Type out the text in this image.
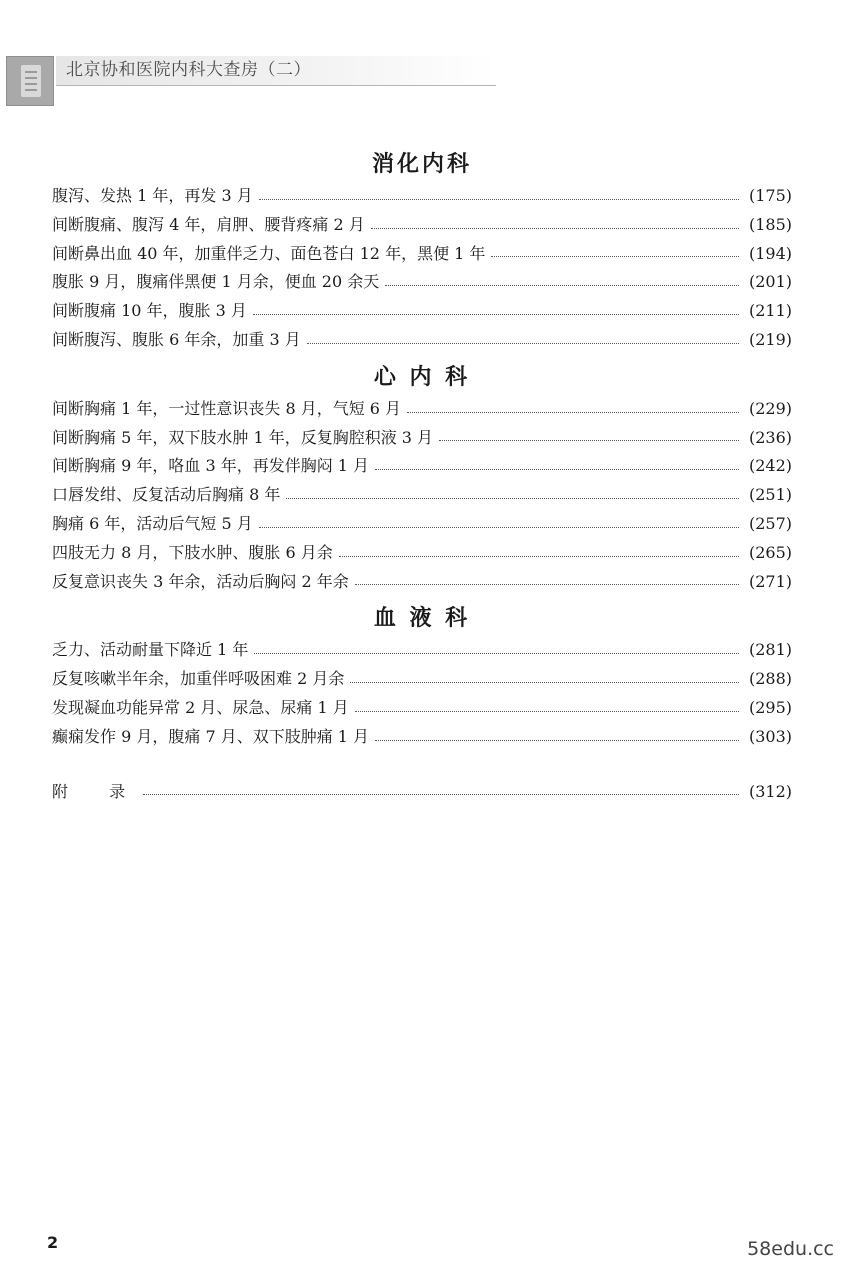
北京协和医院内科大查房（二）
消化内科
腹泻、发热 1 年，再发 3 月	(175)
间断腹痛、腹泻 4 年，肩胛、腰背疼痛 2 月	(185)
间断鼻出血 40 年，加重伴乏力、面色苍白 12 年，黑便 1 年	(194)
腹胀 9 月，腹痛伴黑便 1 月余，便血 20 余天	(201)
间断腹痛 10 年，腹胀 3 月	(211)
间断腹泻、腹胀 6 年余，加重 3 月	(219)
心 内 科
间断胸痛 1 年，一过性意识丧失 8 月，气短 6 月	(229)
间断胸痛 5 年，双下肢水肿 1 年，反复胸腔积液 3 月	(236)
间断胸痛 9 年，咯血 3 年，再发伴胸闷 1 月	(242)
口唇发绀、反复活动后胸痛 8 年	(251)
胸痛 6 年，活动后气短 5 月	(257)
四肢无力 8 月，下肢水肿、腹胀 6 月余	(265)
反复意识丧失 3 年余，活动后胸闷 2 年余	(271)
血 液 科
乏力、活动耐量下降近 1 年	(281)
反复咳嗽半年余，加重伴呼吸困难 2 月余	(288)
发现凝血功能异常 2 月、尿急、尿痛 1 月	(295)
癫痫发作 9 月，腹痛 7 月、双下肢肿痛 1 月	(303)
附 录	(312)
2	58edu.cc
